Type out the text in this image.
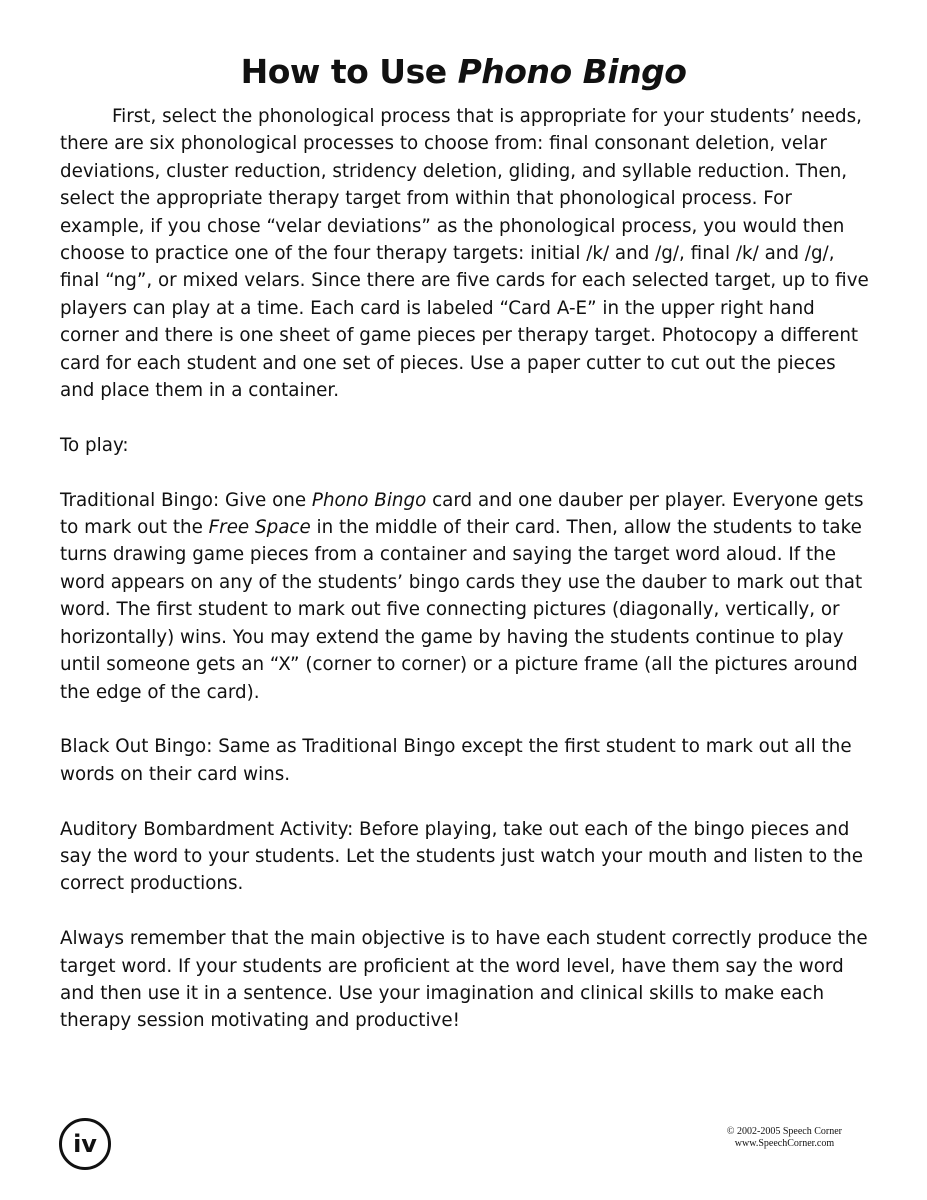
How to Use Phono Bingo

First, select the phonological process that is appropriate for your students’ needs, there are six phonological processes to choose from: final consonant deletion, velar deviations, cluster reduction, stridency deletion, gliding, and syllable reduction. Then, select the appropriate therapy target from within that phonological process. For example, if you chose “velar deviations” as the phonological process, you would then choose to practice one of the four therapy targets: initial /k/ and /g/, final /k/ and /g/, final “ng”, or mixed velars. Since there are five cards for each selected target, up to five players can play at a time. Each card is labeled “Card A-E” in the upper right hand corner and there is one sheet of game pieces per therapy target. Photocopy a different card for each student and one set of pieces. Use a paper cutter to cut out the pieces and place them in a container.

To play:

Traditional Bingo: Give one Phono Bingo card and one dauber per player. Everyone gets to mark out the Free Space in the middle of their card. Then, allow the students to take turns drawing game pieces from a container and saying the target word aloud. If the word appears on any of the students’ bingo cards they use the dauber to mark out that word. The first student to mark out five connecting pictures (diagonally, vertically, or horizontally) wins. You may extend the game by having the students continue to play until someone gets an “X” (corner to corner) or a picture frame (all the pictures around the edge of the card).

Black Out Bingo: Same as Traditional Bingo except the first student to mark out all the words on their card wins.

Auditory Bombardment Activity: Before playing, take out each of the bingo pieces and say the word to your students. Let the students just watch your mouth and listen to the correct productions.

Always remember that the main objective is to have each student correctly produce the target word. If your students are proficient at the word level, have them say the word and then use it in a sentence. Use your imagination and clinical skills to make each therapy session motivating and productive!

iv	© 2002-2005 Speech Corner
www.SpeechCorner.com
